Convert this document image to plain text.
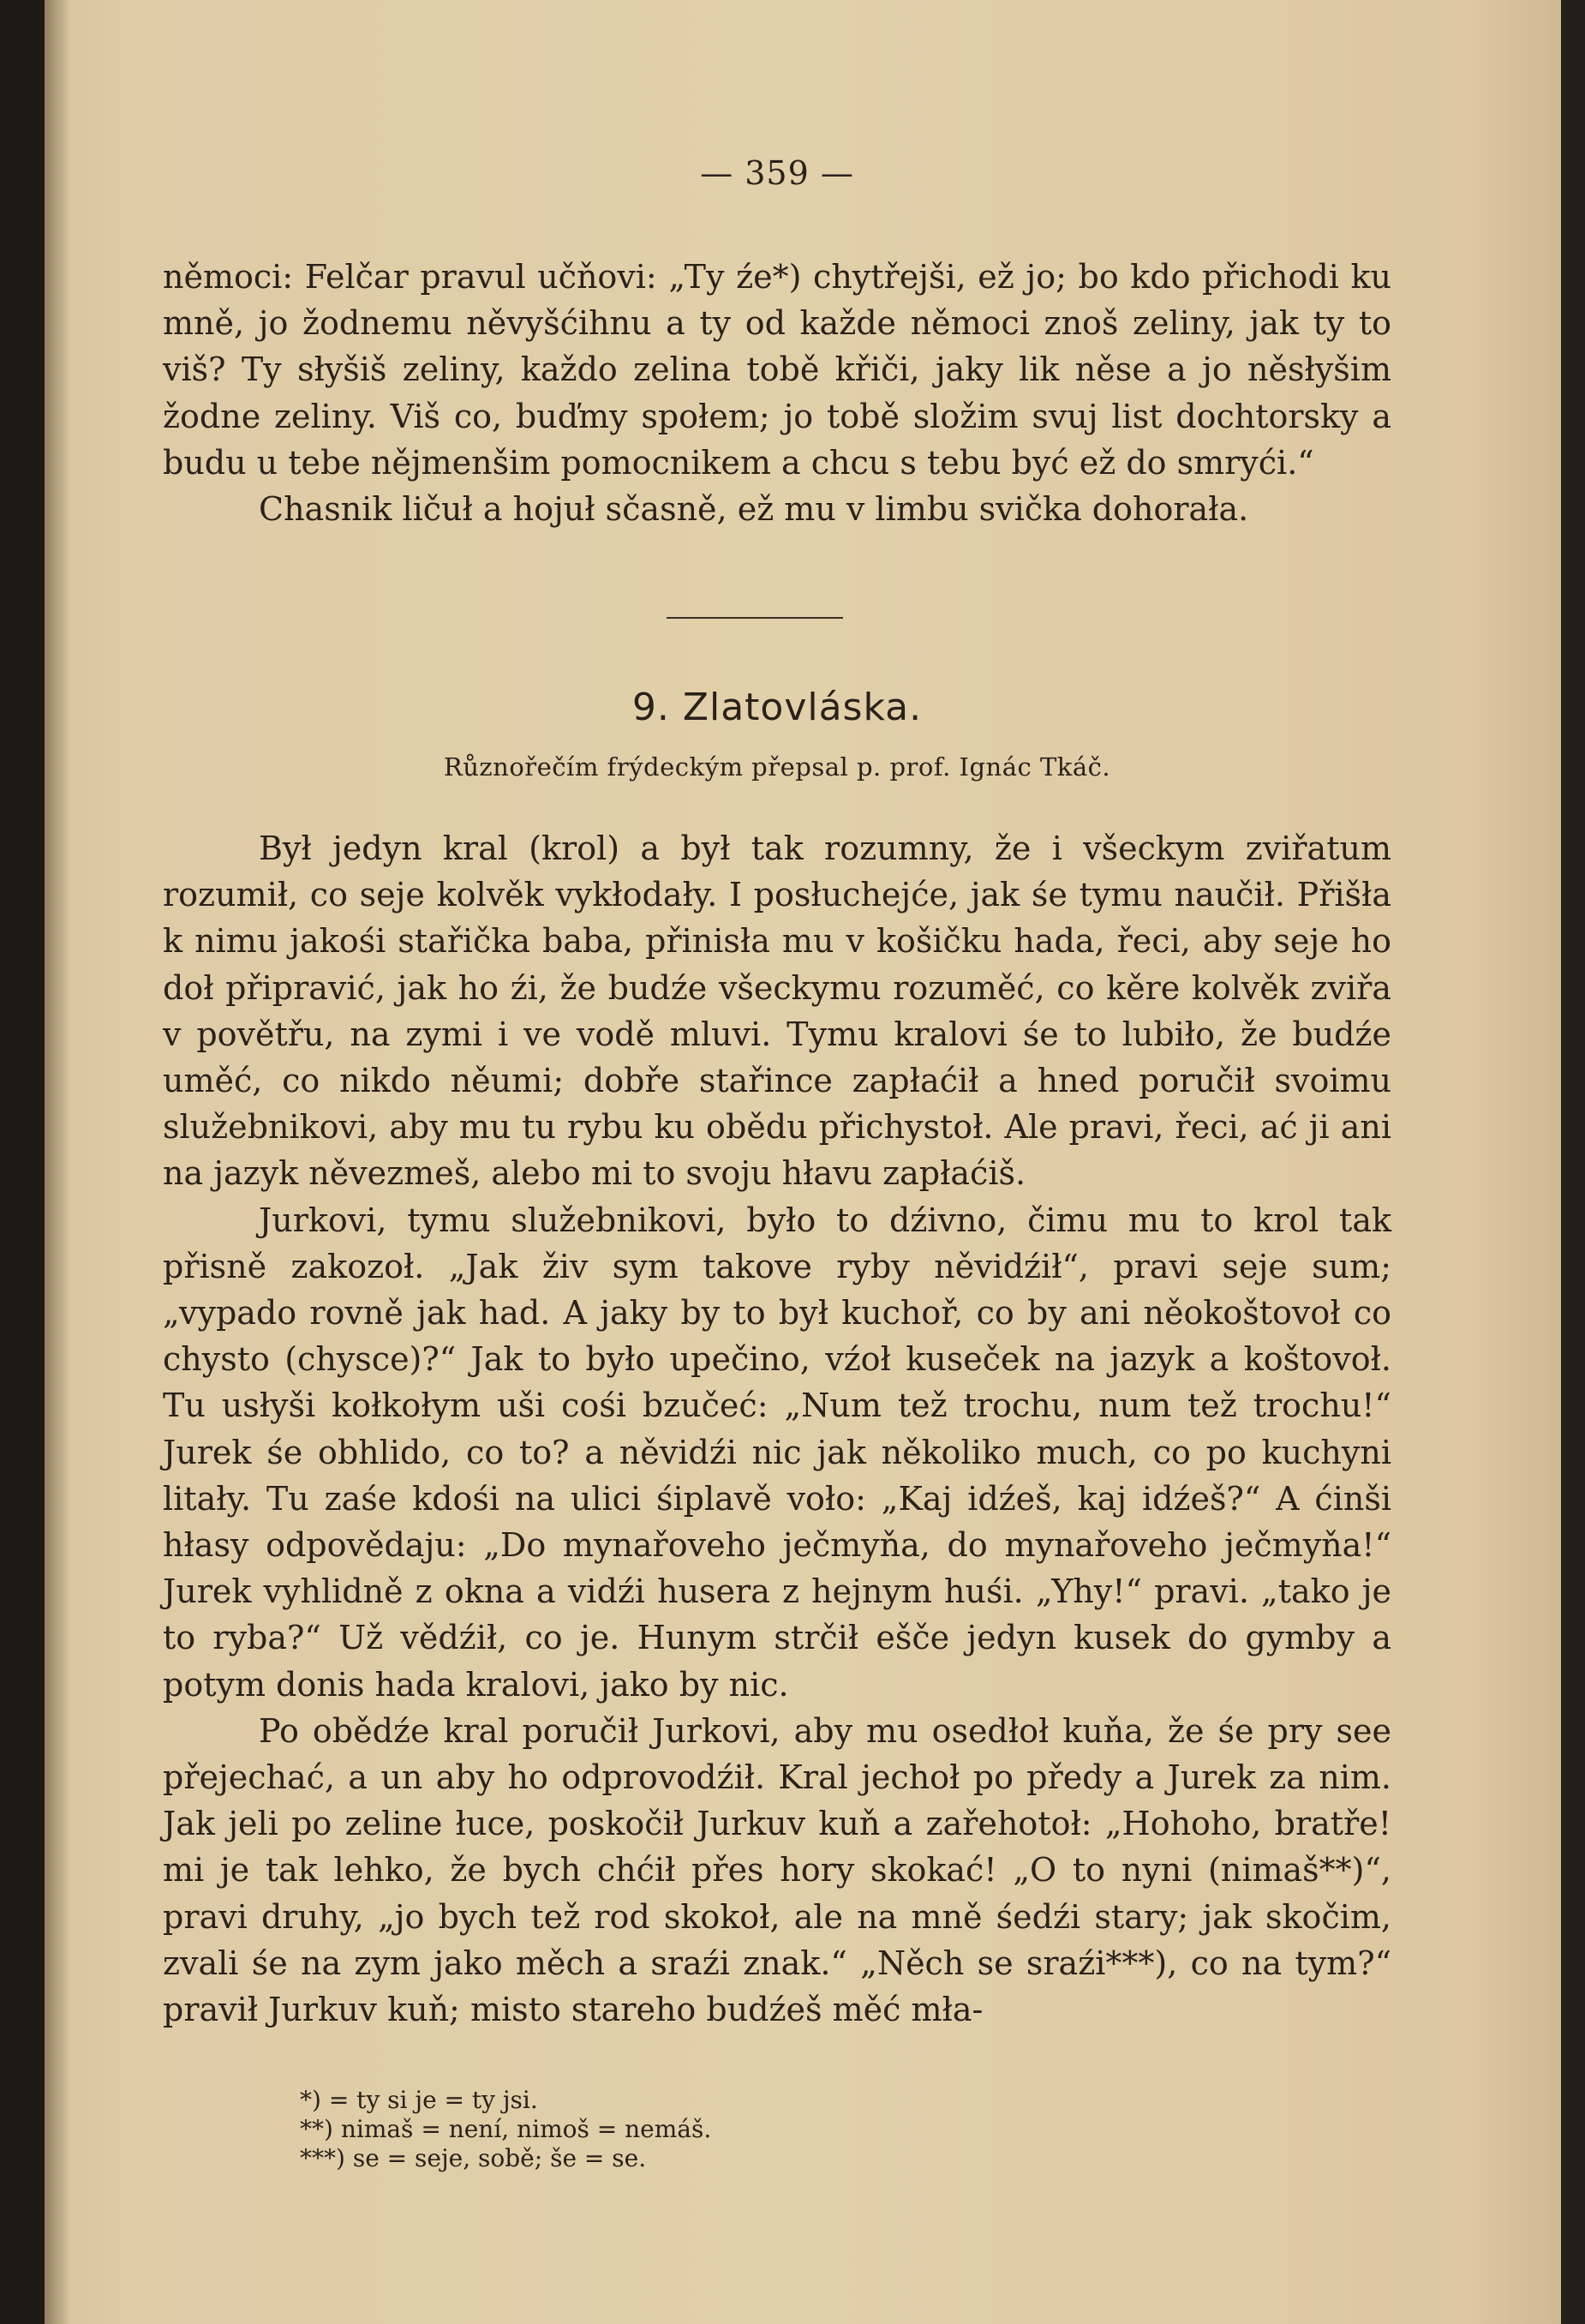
— 359 —

němoci: Felčar pravul učňovi: „Ty źe*) chytřejši, ež jo; bo kdo přichodi ku mně, jo žodnemu něvyšćihnu a ty od každe němoci znoš zeliny, jak ty to viš? Ty słyšiš zeliny, každo zelina tobě křiči, jaky lik něse a jo něsłyšim žodne zeliny. Viš co, buďmy społem; jo tobě složim svuj list dochtorsky a budu u tebe nějmenšim pomocnikem a chcu s tebu być ež do smryći.“

Chasnik ličuł a hojuł sčasně, ež mu v limbu svička dohorała.

9. Zlatovláska.
Různořečím frýdeckým přepsal p. prof. Ignác Tkáč.

Był jedyn kral (krol) a był tak rozumny, že i všeckym zviřatum rozumił, co seje kolvěk vykłodały. I posłuchejće, jak śe tymu naučił. Přišła k nimu jakośi stařička baba, přinisła mu v košičku hada, řeci, aby seje ho doł připravić, jak ho źi, že budźe všeckymu rozuměć, co kěre kolvěk zviřa v povětřu, na zymi i ve vodě mluvi. Tymu kralovi śe to lubiło, že budźe uměć, co nikdo něumi; dobře stařince zapłaćił a hned poručił svoimu služebnikovi, aby mu tu rybu ku obědu přichystoł. Ale pravi, řeci, ać ji ani na jazyk něvezmeš, alebo mi to svoju hłavu zapłaćiš.

Jurkovi, tymu služebnikovi, było to dźivno, čimu mu to krol tak přisně zakozoł. „Jak živ sym takove ryby něvidźił“, pravi seje sum; „vypado rovně jak had. A jaky by to był kuchoř, co by ani něokoštovoł co chysto (chysce)?“ Jak to było upečino, vźoł kuseček na jazyk a koštovoł. Tu usłyši kołkołym uši cośi bzučeć: „Num tež trochu, num tež trochu!“ Jurek śe obhlido, co to? a něvidźi nic jak několiko much, co po kuchyni litały. Tu zaśe kdośi na ulici śiplavě voło: „Kaj idźeš, kaj idźeš?“ A ćinši hłasy odpovědaju: „Do mynařoveho ječmyňa, do mynařoveho ječmyňa!“ Jurek vyhlidně z okna a vidźi husera z hejnym huśi. „Yhy!“ pravi. „tako je to ryba?“ Už vědźił, co je. Hunym strčił ešče jedyn kusek do gymby a potym donis hada kralovi, jako by nic.

Po obědźe kral poručił Jurkovi, aby mu osedłoł kuňa, že śe pry see přejechać, a un aby ho odprovodźił. Kral jechoł po předy a Jurek za nim. Jak jeli po zeline łuce, poskočił Jurkuv kuň a zařehotoł: „Hohoho, bratře! mi je tak lehko, že bych chćił přes hory skokać! „O to nyni (nimaš**)“, pravi druhy, „jo bych tež rod skokoł, ale na mně śedźi stary; jak skočim, zvali śe na zym jako měch a sraźi znak.“ „Něch se sraźi***), co na tym?“ pravił Jurkuv kuň; misto stareho budźeš měć mła-

*) = ty si je = ty jsi.
**) nimaš = není, nimoš = nemáš.
***) se = seje, sobě; še = se.
